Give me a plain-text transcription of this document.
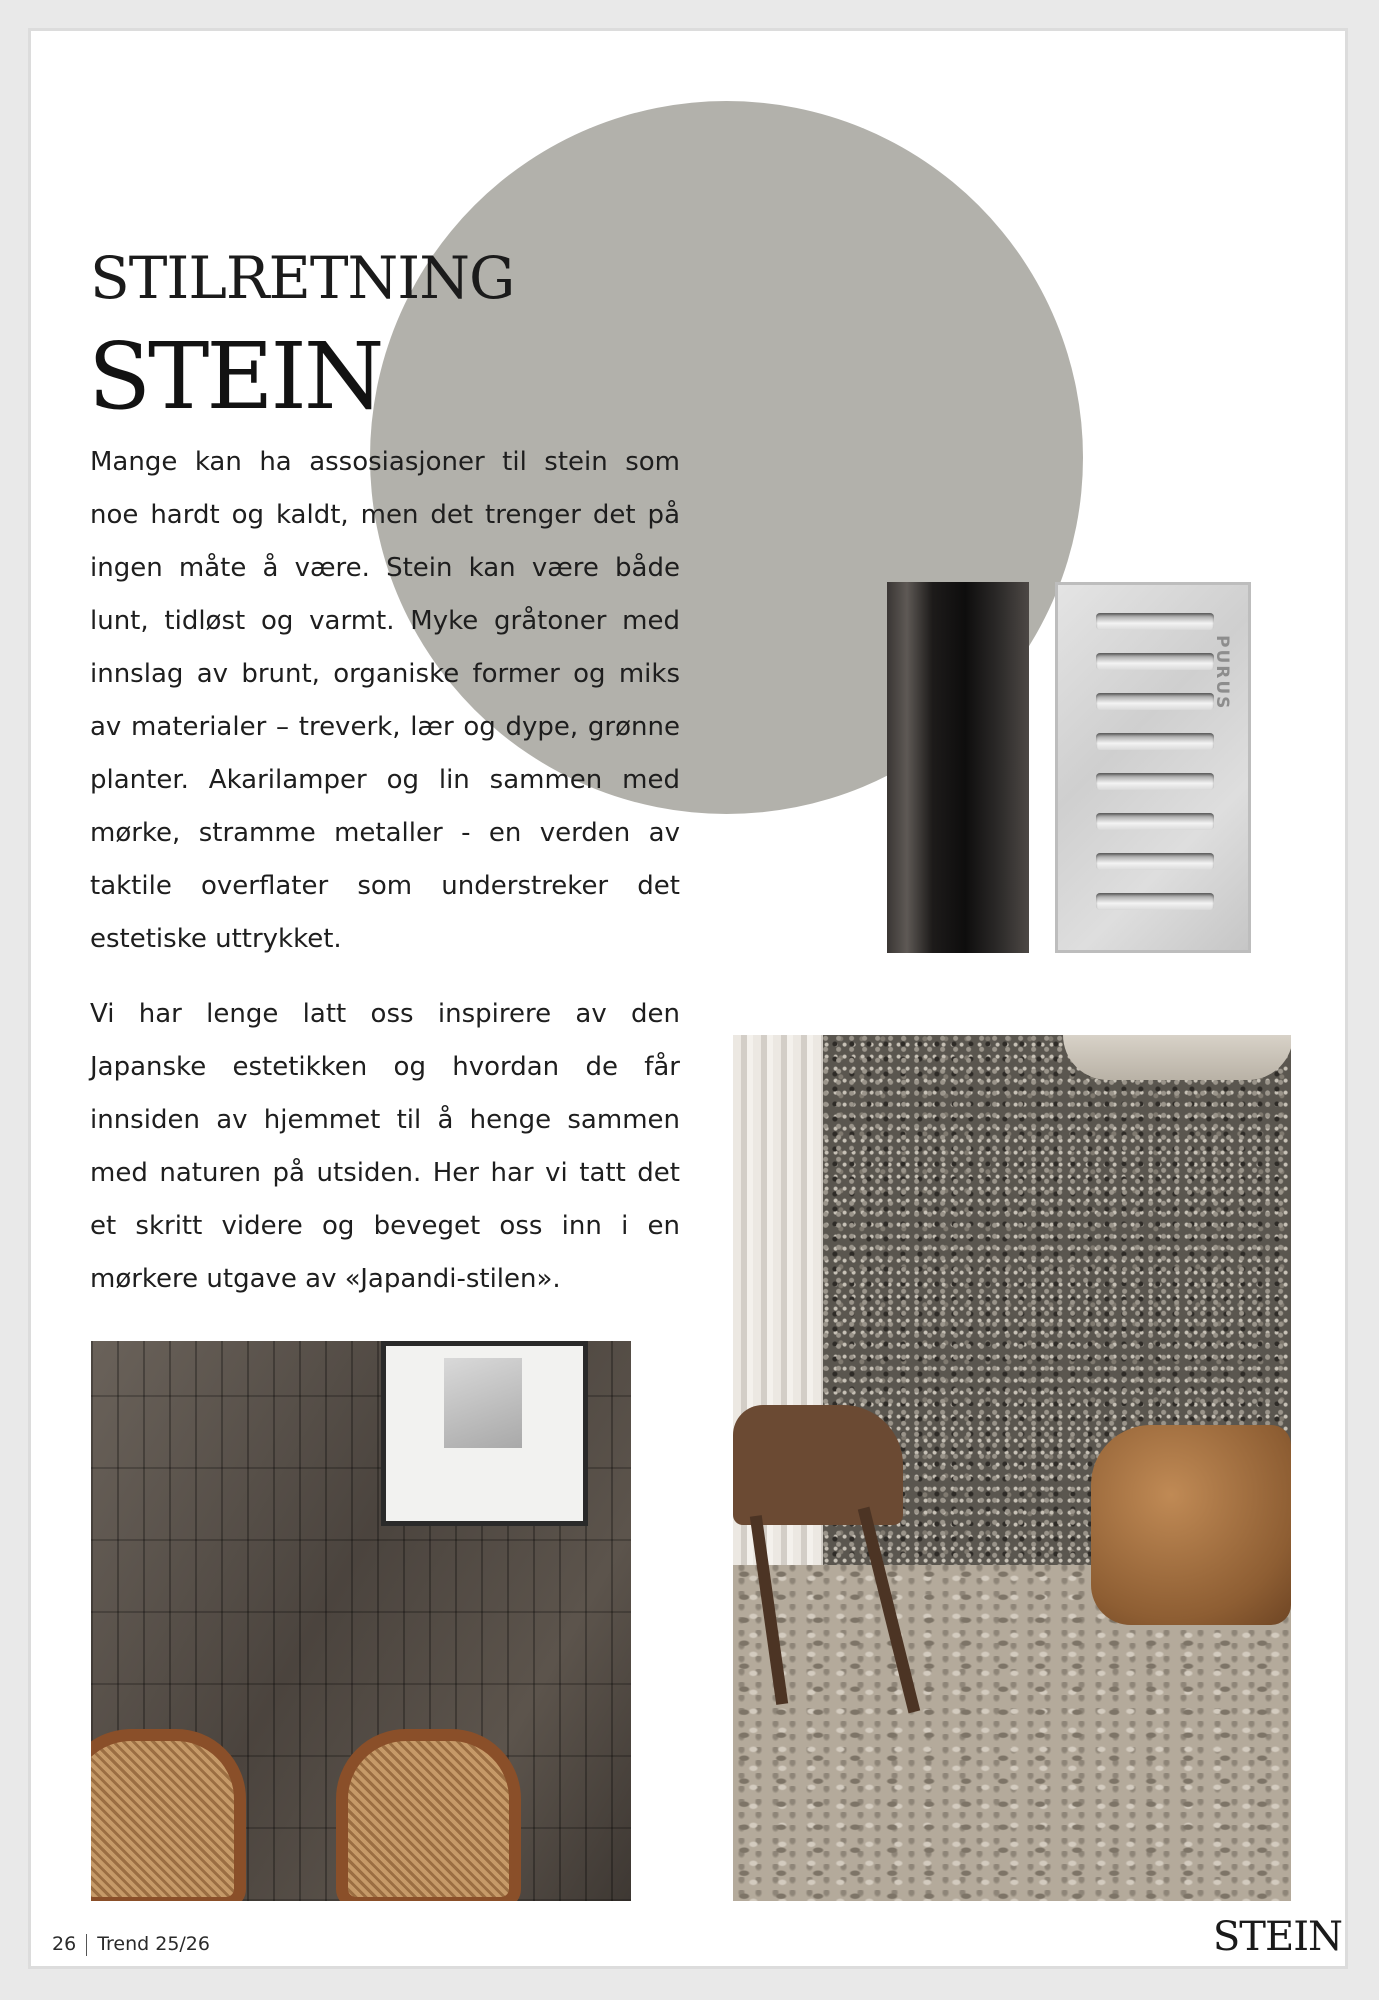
STILRETNING
STEIN

Mange kan ha assosiasjoner til stein som noe hardt og kaldt, men det trenger det på ingen måte å være. Stein kan være både lunt, tidløst og varmt. Myke gråtoner med innslag av brunt, organiske former og miks av materialer – treverk, lær og dype, grønne planter. Akarilamper og lin sammen med mørke, stramme metaller - en verden av taktile overflater som understreker det estetiske uttrykket.

Vi har lenge latt oss inspirere av den Japanske estetikken og hvordan de får innsiden av hjemmet til å henge sammen med naturen på utsiden. Her har vi tatt det et skritt videre og beveget oss inn i en mørkere utgave av «Japandi-stilen».

PURUS
26 Trend 25/26	STEIN
